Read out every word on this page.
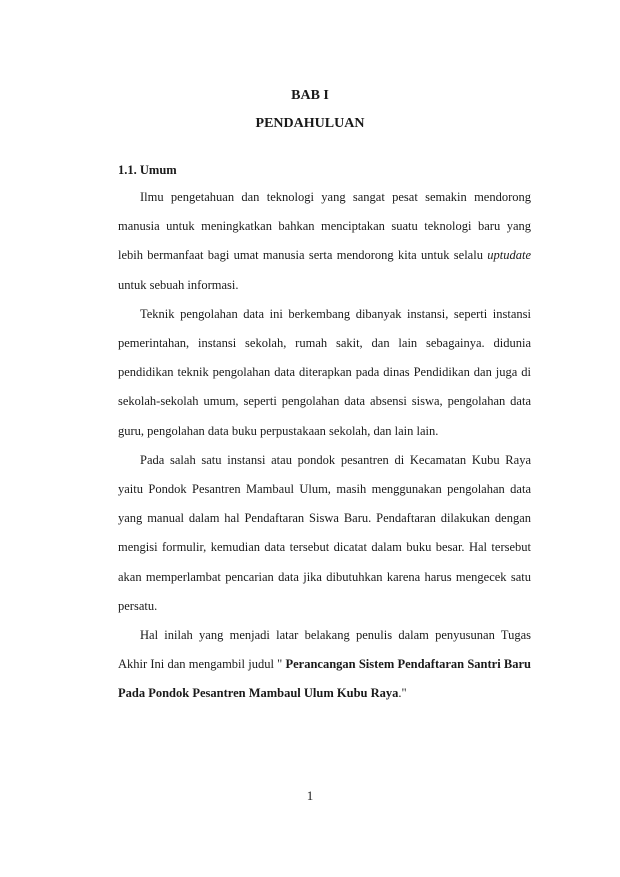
BAB I
PENDAHULUAN
1.1. Umum

Ilmu pengetahuan dan teknologi yang sangat pesat semakin mendorong manusia untuk meningkatkan bahkan menciptakan suatu teknologi baru yang lebih bermanfaat bagi umat manusia serta mendorong kita untuk selalu uptudate untuk sebuah informasi.

Teknik pengolahan data ini berkembang dibanyak instansi, seperti instansi pemerintahan, instansi sekolah, rumah sakit, dan lain sebagainya. didunia pendidikan teknik pengolahan data diterapkan pada dinas Pendidikan dan juga di sekolah-sekolah umum, seperti pengolahan data absensi siswa, pengolahan data guru, pengolahan data buku perpustakaan sekolah, dan lain lain.

Pada salah satu instansi atau pondok pesantren di Kecamatan Kubu Raya yaitu Pondok Pesantren Mambaul Ulum, masih menggunakan pengolahan data yang manual dalam hal Pendaftaran Siswa Baru. Pendaftaran dilakukan dengan mengisi formulir, kemudian data tersebut dicatat dalam buku besar. Hal tersebut akan memperlambat pencarian data jika dibutuhkan karena harus mengecek satu persatu.

Hal inilah yang menjadi latar belakang penulis dalam penyusunan Tugas Akhir Ini dan mengambil judul " Perancangan Sistem Pendaftaran Santri Baru Pada Pondok Pesantren Mambaul Ulum Kubu Raya."

1
